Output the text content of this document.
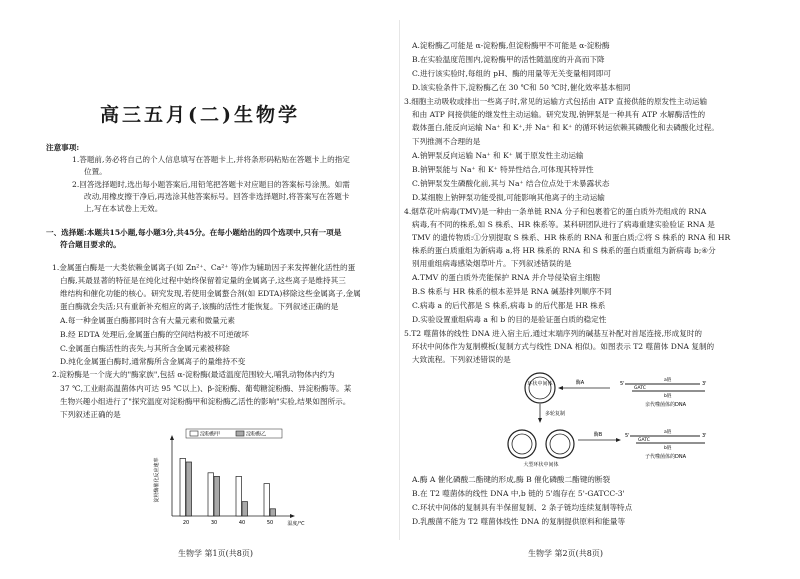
高三五月(二)生物学
注意事项:
1.答题前,务必将自己的个人信息填写在答题卡上,并将条形码粘贴在答题卡上的指定
位置。
2.回答选择题时,选出每小题答案后,用铅笔把答题卡对应题目的答案标号涂黑。如需
改动,用橡皮擦干净后,再选涂其他答案标号。回答非选择题时,将答案写在答题卡
上,写在本试卷上无效。
一、选择题:本题共15小题,每小题3分,共45分。在每小题给出的四个选项中,只有一项是
符合题目要求的。
1.金属蛋白酶是一大类依赖金属离子(如 Zn²⁺、Ca²⁺ 等)作为辅助因子来发挥催化活性的蛋
白酶,其最显著的特征是在纯化过程中始终保留着定量的金属离子,这些离子是维持其三
维结构和催化功能的核心。研究发现,若使用金属螯合剂(如 EDTA)移除这些金属离子,金属
蛋白酶就会失活;只有重新补充相应的离子,该酶的活性才能恢复。下列叙述正确的是
A.每一种金属蛋白酶都同时含有大量元素和微量元素
B.经 EDTA 处理后,金属蛋白酶的空间结构被不可逆破坏
C.金属蛋白酶活性的丧失,与其所含金属元素被移除
D.纯化金属蛋白酶时,通常酶所含金属离子的量维持不变
2.淀粉酶是一个庞大的"酶家族",包括 α-淀粉酶(最适温度范围较大,哺乳动物体内约为
37 ℃,工业耐高温菌体内可达 95 ℃以上)、β-淀粉酶、葡萄糖淀粉酶、异淀粉酶等。某
生物兴趣小组进行了"探究温度对淀粉酶甲和淀粉酶乙活性的影响"实验,结果如图所示。
下列叙述正确的是
淀粉酶催化反应速率
温度/℃
20	30	40	50
淀粉酶甲	淀粉酶乙
生物学 第1页(共8页)
A.淀粉酶乙可能是 α-淀粉酶,但淀粉酶甲不可能是 α-淀粉酶
B.在实验温度范围内,淀粉酶甲的活性随温度的升高而下降
C.进行该实验时,每组的 pH、酶的用量等无关变量相同即可
D.该实验条件下,淀粉酶乙在 30 ℃和 50 ℃时,催化效率基本相同
3.细胞主动吸收或排出一些离子时,常见的运输方式包括由 ATP 直接供能的原发性主动运输
和由 ATP 间接供能的继发性主动运输。研究发现,钠钾泵是一种具有 ATP 水解酶活性的
载体蛋白,能反向运输 Na⁺ 和 K⁺,并 Na⁺ 和 K⁺ 的循环转运依赖其磷酸化和去磷酸化过程。
下列推测不合理的是
A.钠钾泵反向运输 Na⁺ 和 K⁺ 属于原发性主动运输
B.钠钾泵能与 Na⁺ 和 K⁺ 特异性结合,可体现其特异性
C.钠钾泵发生磷酸化前,其与 Na⁺ 结合位点处于未暴露状态
D.某细胞上钠钾泵功能受损,可能影响其他离子的主动运输
4.烟草花叶病毒(TMV)是一种由一条单链 RNA 分子和包裹着它的蛋白质外壳组成的 RNA
病毒,有不同的株系,如 S 株系、HR 株系等。某科研团队进行了病毒重建实验验证 RNA 是
TMV 的遗传物质:①分别提取 S 株系、HR 株系的 RNA 和蛋白质;②将 S 株系的 RNA 和 HR
株系的蛋白质重组为新病毒 a,将 HR 株系的 RNA 和 S 株系的蛋白质重组为新病毒 b;④分
别用重组病毒感染烟草叶片。下列叙述错误的是
A.TMV 的蛋白质外壳能保护 RNA 并介导侵染宿主细胞
B.S 株系与 HR 株系的根本差异是 RNA 碱基排列顺序不同
C.病毒 a 的后代都是 S 株系,病毒 b 的后代都是 HR 株系
D.实验设置重组病毒 a 和 b 的目的是验证蛋白质的稳定性
5.T2 噬菌体的线性 DNA 进入宿主后,通过末端序列的碱基互补配对首尾连接,形成复时的
环状中间体作为复制模板(复制方式与线性 DNA 相似)。如图表示 T2 噬菌体 DNA 复制的
大致流程。下列叙述错误的是
环状中间体	酶A	5'
a链
b链
GATC
3'
亲代噬菌体的DNA
多轮复制
大型环状中间体
酶B	5'
GATC
a链
b链
3'
子代噬菌体的DNA
A.酶 A 催化磷酸二酯键的形成,酶 B 催化磷酸二酯键的断裂
B.在 T2 噬菌体的线性 DNA 中,b 链的 5'端存在 5'-GATCC-3'
C.环状中间体的复制具有半保留复制、2 条子链均连续复制等特点
D.乳酸菌不能为 T2 噬菌体线性 DNA 的复制提供原料和能量等
生物学 第2页(共8页)
